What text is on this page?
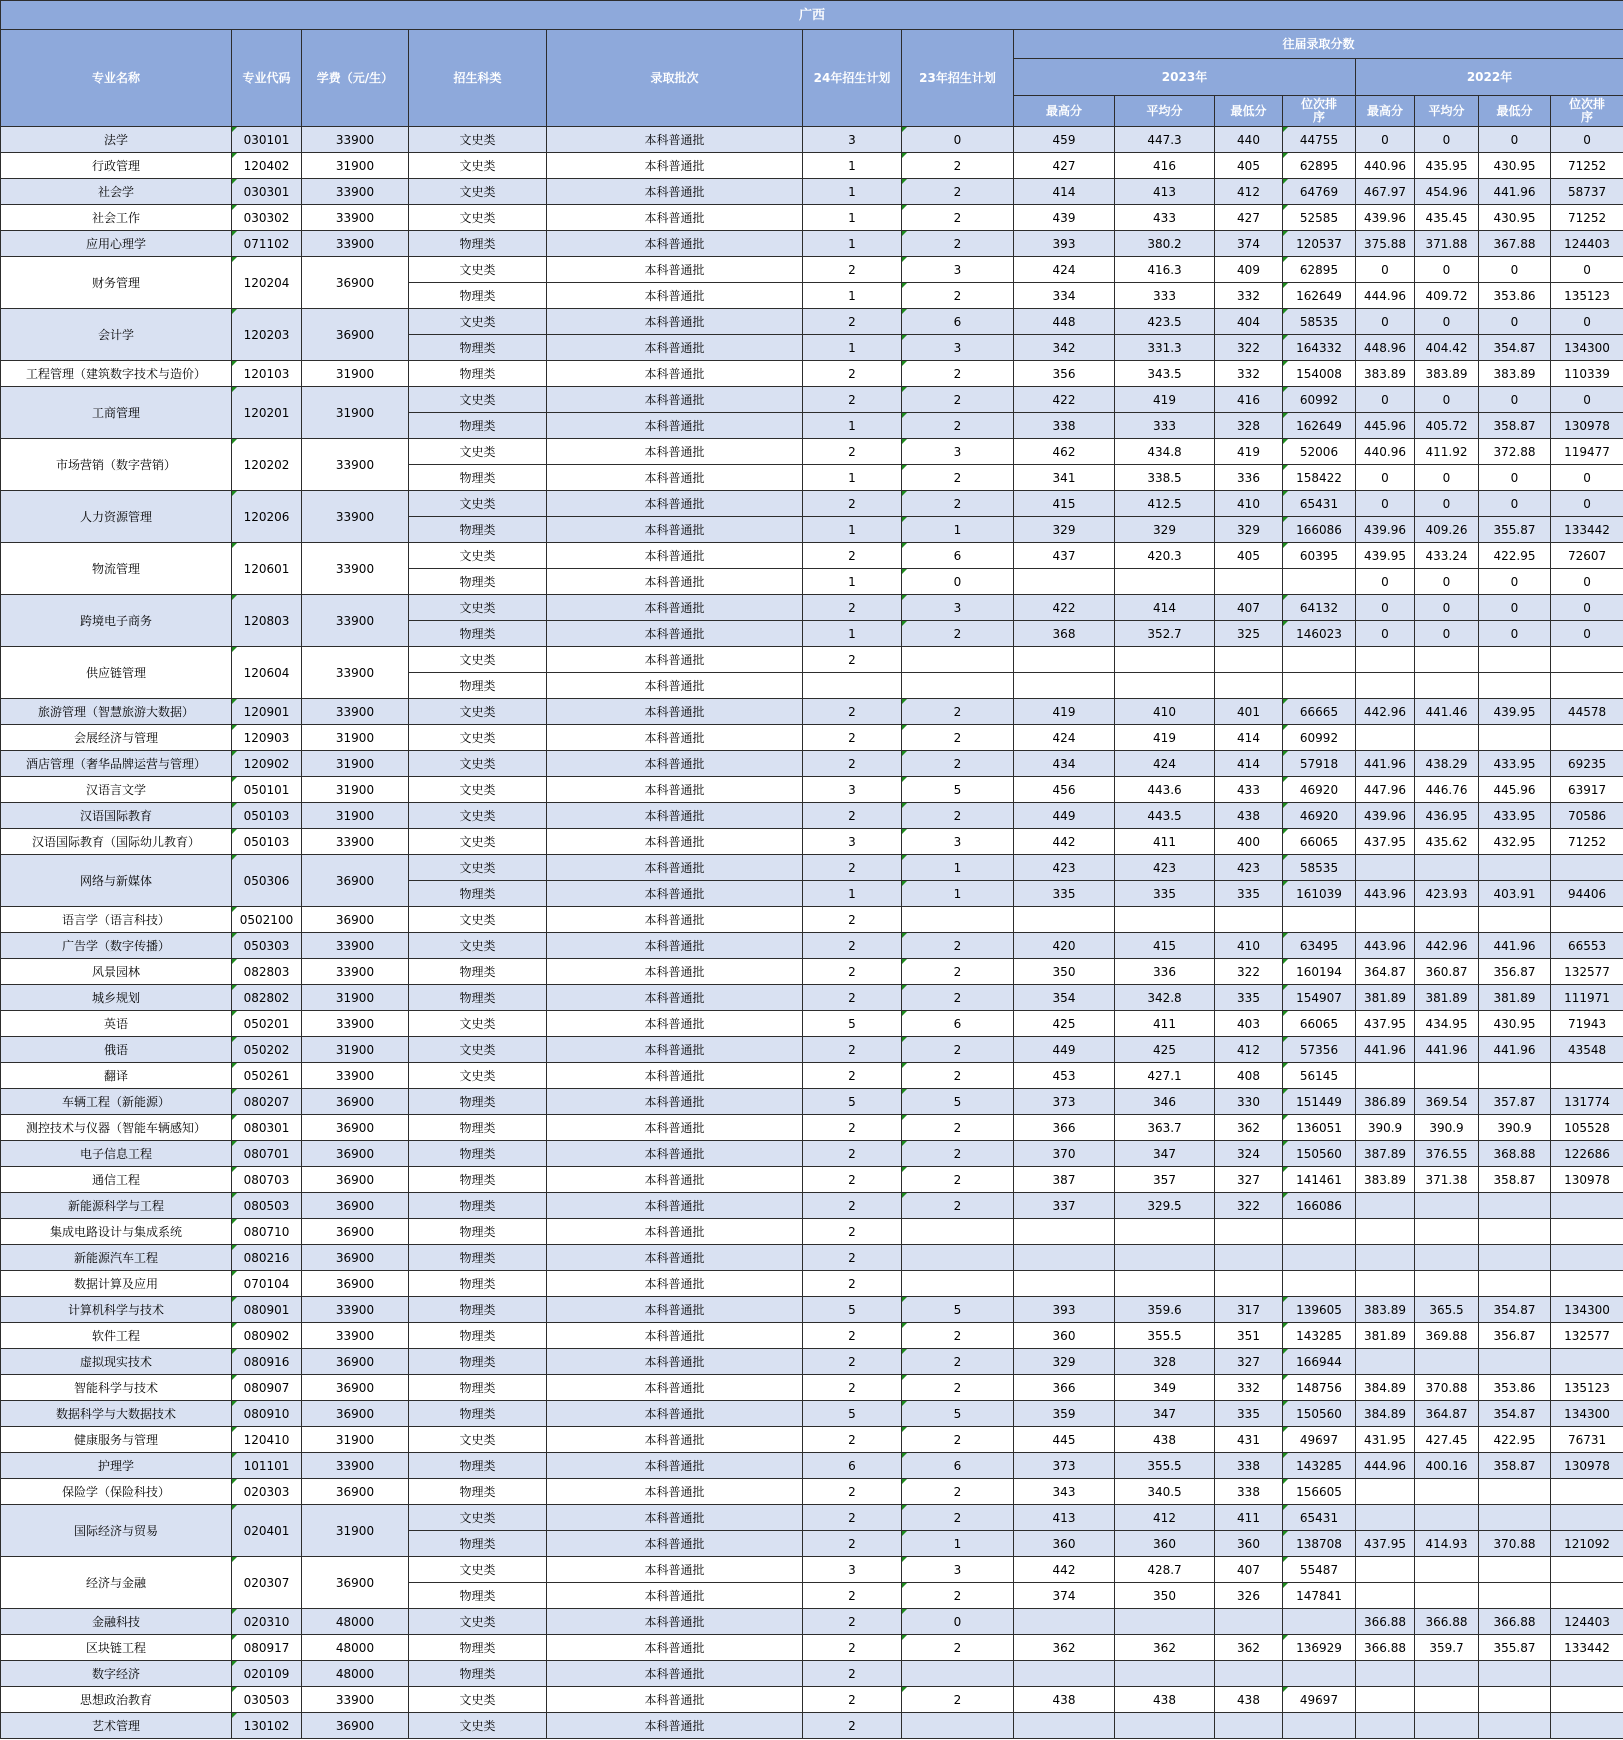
广西														
专业名称	专业代码	学费（元/生）	招生科类	录取批次	24年招生计划	23年招生计划	往届录取分数							
							2023年				2022年			
							最高分	平均分	最低分	位次排序	最高分	平均分	最低分	位次排序
法学	030101	33900	文史类	本科普通批	3	0	459	447.3	440	44755	0	0	0	0
行政管理	120402	31900	文史类	本科普通批	1	2	427	416	405	62895	440.96	435.95	430.95	71252
社会学	030301	33900	文史类	本科普通批	1	2	414	413	412	64769	467.97	454.96	441.96	58737
社会工作	030302	33900	文史类	本科普通批	1	2	439	433	427	52585	439.96	435.45	430.95	71252
应用心理学	071102	33900	物理类	本科普通批	1	2	393	380.2	374	120537	375.88	371.88	367.88	124403
财务管理	120204	36900	文史类	本科普通批	2	3	424	416.3	409	62895	0	0	0	0
			物理类	本科普通批	1	2	334	333	332	162649	444.96	409.72	353.86	135123
会计学	120203	36900	文史类	本科普通批	2	6	448	423.5	404	58535	0	0	0	0
			物理类	本科普通批	1	3	342	331.3	322	164332	448.96	404.42	354.87	134300
工程管理（建筑数字技术与造价）	120103	31900	物理类	本科普通批	2	2	356	343.5	332	154008	383.89	383.89	383.89	110339
工商管理	120201	31900	文史类	本科普通批	2	2	422	419	416	60992	0	0	0	0
			物理类	本科普通批	1	2	338	333	328	162649	445.96	405.72	358.87	130978
市场营销（数字营销）	120202	33900	文史类	本科普通批	2	3	462	434.8	419	52006	440.96	411.92	372.88	119477
			物理类	本科普通批	1	2	341	338.5	336	158422	0	0	0	0
人力资源管理	120206	33900	文史类	本科普通批	2	2	415	412.5	410	65431	0	0	0	0
			物理类	本科普通批	1	1	329	329	329	166086	439.96	409.26	355.87	133442
物流管理	120601	33900	文史类	本科普通批	2	6	437	420.3	405	60395	439.95	433.24	422.95	72607
			物理类	本科普通批	1	0					0	0	0	0
跨境电子商务	120803	33900	文史类	本科普通批	2	3	422	414	407	64132	0	0	0	0
			物理类	本科普通批	1	2	368	352.7	325	146023	0	0	0	0
供应链管理	120604	33900	文史类	本科普通批	2									
			物理类	本科普通批										
旅游管理（智慧旅游大数据）	120901	33900	文史类	本科普通批	2	2	419	410	401	66665	442.96	441.46	439.95	44578
会展经济与管理	120903	31900	文史类	本科普通批	2	2	424	419	414	60992				
酒店管理（奢华品牌运营与管理）	120902	31900	文史类	本科普通批	2	2	434	424	414	57918	441.96	438.29	433.95	69235
汉语言文学	050101	31900	文史类	本科普通批	3	5	456	443.6	433	46920	447.96	446.76	445.96	63917
汉语国际教育	050103	31900	文史类	本科普通批	2	2	449	443.5	438	46920	439.96	436.95	433.95	70586
汉语国际教育（国际幼儿教育）	050103	33900	文史类	本科普通批	3	3	442	411	400	66065	437.95	435.62	432.95	71252
网络与新媒体	050306	36900	文史类	本科普通批	2	1	423	423	423	58535				
			物理类	本科普通批	1	1	335	335	335	161039	443.96	423.93	403.91	94406
语言学（语言科技）	0502100	36900	文史类	本科普通批	2									
广告学（数字传播）	050303	33900	文史类	本科普通批	2	2	420	415	410	63495	443.96	442.96	441.96	66553
风景园林	082803	33900	物理类	本科普通批	2	2	350	336	322	160194	364.87	360.87	356.87	132577
城乡规划	082802	31900	物理类	本科普通批	2	2	354	342.8	335	154907	381.89	381.89	381.89	111971
英语	050201	33900	文史类	本科普通批	5	6	425	411	403	66065	437.95	434.95	430.95	71943
俄语	050202	31900	文史类	本科普通批	2	2	449	425	412	57356	441.96	441.96	441.96	43548
翻译	050261	33900	文史类	本科普通批	2	2	453	427.1	408	56145				
车辆工程（新能源）	080207	36900	物理类	本科普通批	5	5	373	346	330	151449	386.89	369.54	357.87	131774
测控技术与仪器（智能车辆感知）	080301	36900	物理类	本科普通批	2	2	366	363.7	362	136051	390.9	390.9	390.9	105528
电子信息工程	080701	36900	物理类	本科普通批	2	2	370	347	324	150560	387.89	376.55	368.88	122686
通信工程	080703	36900	物理类	本科普通批	2	2	387	357	327	141461	383.89	371.38	358.87	130978
新能源科学与工程	080503	36900	物理类	本科普通批	2	2	337	329.5	322	166086				
集成电路设计与集成系统	080710	36900	物理类	本科普通批	2									
新能源汽车工程	080216	36900	物理类	本科普通批	2									
数据计算及应用	070104	36900	物理类	本科普通批	2									
计算机科学与技术	080901	33900	物理类	本科普通批	5	5	393	359.6	317	139605	383.89	365.5	354.87	134300
软件工程	080902	33900	物理类	本科普通批	2	2	360	355.5	351	143285	381.89	369.88	356.87	132577
虚拟现实技术	080916	36900	物理类	本科普通批	2	2	329	328	327	166944				
智能科学与技术	080907	36900	物理类	本科普通批	2	2	366	349	332	148756	384.89	370.88	353.86	135123
数据科学与大数据技术	080910	36900	物理类	本科普通批	5	5	359	347	335	150560	384.89	364.87	354.87	134300
健康服务与管理	120410	31900	文史类	本科普通批	2	2	445	438	431	49697	431.95	427.45	422.95	76731
护理学	101101	33900	物理类	本科普通批	6	6	373	355.5	338	143285	444.96	400.16	358.87	130978
保险学（保险科技）	020303	36900	物理类	本科普通批	2	2	343	340.5	338	156605				
国际经济与贸易	020401	31900	文史类	本科普通批	2	2	413	412	411	65431				
			物理类	本科普通批	2	1	360	360	360	138708	437.95	414.93	370.88	121092
经济与金融	020307	36900	文史类	本科普通批	3	3	442	428.7	407	55487				
			物理类	本科普通批	2	2	374	350	326	147841				
金融科技	020310	48000	文史类	本科普通批	2	0					366.88	366.88	366.88	124403
区块链工程	080917	48000	物理类	本科普通批	2	2	362	362	362	136929	366.88	359.7	355.87	133442
数字经济	020109	48000	物理类	本科普通批	2									
思想政治教育	030503	33900	文史类	本科普通批	2	2	438	438	438	49697				
艺术管理	130102	36900	文史类	本科普通批	2									
